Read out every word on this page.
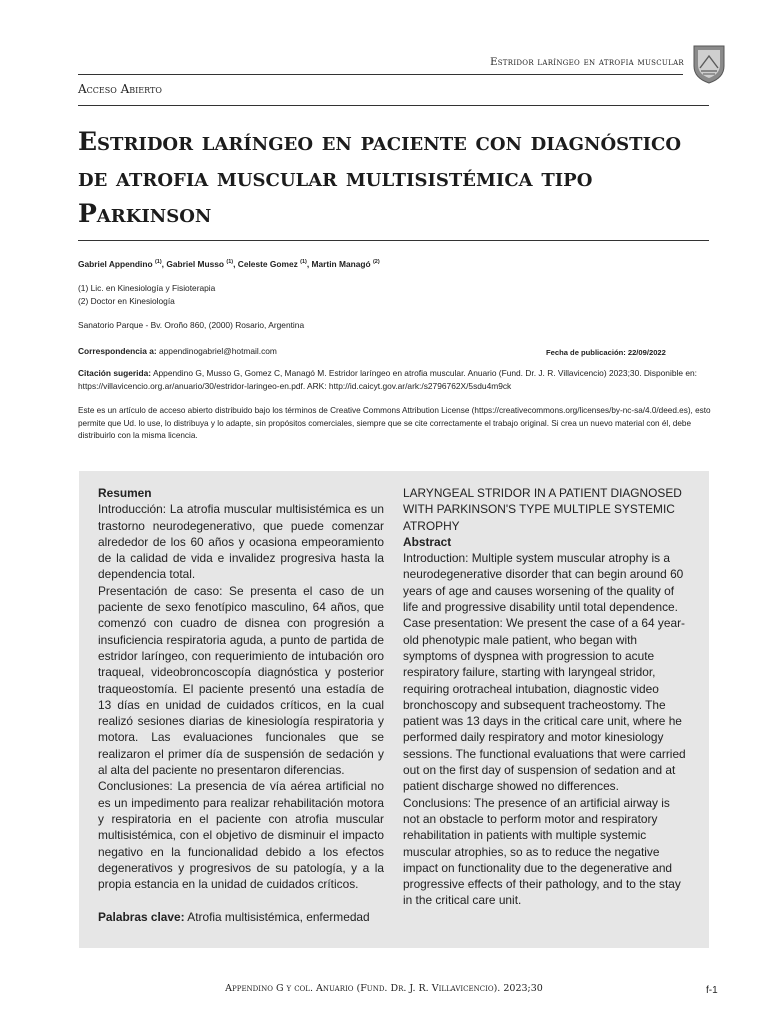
Estridor laríngeo en atrofia muscular
Acceso Abierto
Estridor laríngeo en paciente con diagnóstico de atrofia muscular multisistémica tipo Parkinson
Gabriel Appendino $^{(1)}$, Gabriel Musso $^{(1)}$, Celeste Gomez $^{(1)}$, Martin Managó $^{(2)}$
(1) Lic. en Kinesiología y Fisioterapia
(2) Doctor en Kinesiología
Sanatorio Parque - Bv. Oroño 860, (2000) Rosario, Argentina
Correspondencia a: appendinogabriel@hotmail.com	Fecha de publicación: 22/09/2022
Citación sugerida: Appendino G, Musso G, Gomez C, Managó M. Estridor laríngeo en atrofia muscular. Anuario (Fund. Dr. J. R. Villavicencio) 2023;30. Disponible en: https://villavicencio.org.ar/anuario/30/estridor-laringeo-en.pdf. ARK: http://id.caicyt.gov.ar/ark:/s2796762X/5sdu4m9ck
Este es un artículo de acceso abierto distribuido bajo los términos de Creative Commons Attribution License (https://creativecommons.org/licenses/by-nc-sa/4.0/deed.es), esto permite que Ud. lo use, lo distribuya y lo adapte, sin propósitos comerciales, siempre que se cite correctamente el trabajo original. Si crea un nuevo material con él, debe distribuirlo con la misma licencia.

Resumen

Introducción: La atrofia muscular multisistémica es un trastorno neurodegenerativo, que puede comenzar alrededor de los 60 años y ocasiona empeoramiento de la calidad de vida e invalidez progresiva hasta la dependencia total.

Presentación de caso: Se presenta el caso de un paciente de sexo fenotípico masculino, 64 años, que comenzó con cuadro de disnea con progresión a insuficiencia respiratoria aguda, a punto de partida de estridor laríngeo, con requerimiento de intubación oro traqueal, videobroncoscopía diagnóstica y posterior traqueostomía. El paciente presentó una estadía de 13 días en unidad de cuidados críticos, en la cual realizó sesiones diarias de kinesiología respiratoria y motora. Las evaluaciones funcionales que se realizaron el primer día de suspensión de sedación y al alta del paciente no presentaron diferencias.

Conclusiones: La presencia de vía aérea artificial no es un impedimento para realizar rehabilitación motora y respiratoria en el paciente con atrofia muscular multisistémica, con el objetivo de disminuir el impacto negativo en la funcionalidad debido a los efectos degenerativos y progresivos de su patología, y a la propia estancia en la unidad de cuidados críticos.

Palabras clave: Atrofia multisistémica, enfermedad

LARYNGEAL STRIDOR IN A PATIENT DIAGNOSED WITH PARKINSON'S TYPE MULTIPLE SYSTEMIC ATROPHY

Abstract

Introduction: Multiple system muscular atrophy is a neurodegenerative disorder that can begin around 60 years of age and causes worsening of the quality of life and progressive disability until total dependence.

Case presentation: We present the case of a 64 year-old phenotypic male patient, who began with symptoms of dyspnea with progression to acute respiratory failure, starting with laryngeal stridor, requiring orotracheal intubation, diagnostic video bronchoscopy and subsequent tracheostomy. The patient was 13 days in the critical care unit, where he performed daily respiratory and motor kinesiology sessions. The functional evaluations that were carried out on the first day of suspension of sedation and at patient discharge showed no differences.

Conclusions: The presence of an artificial airway is not an obstacle to perform motor and respiratory rehabilitation in patients with multiple systemic muscular atrophies, so as to reduce the negative impact on functionality due to the degenerative and progressive effects of their pathology, and to the stay in the critical care unit.

Appendino G y col. Anuario (Fund. Dr. J. R. Villavicencio). 2023;30	f-1
